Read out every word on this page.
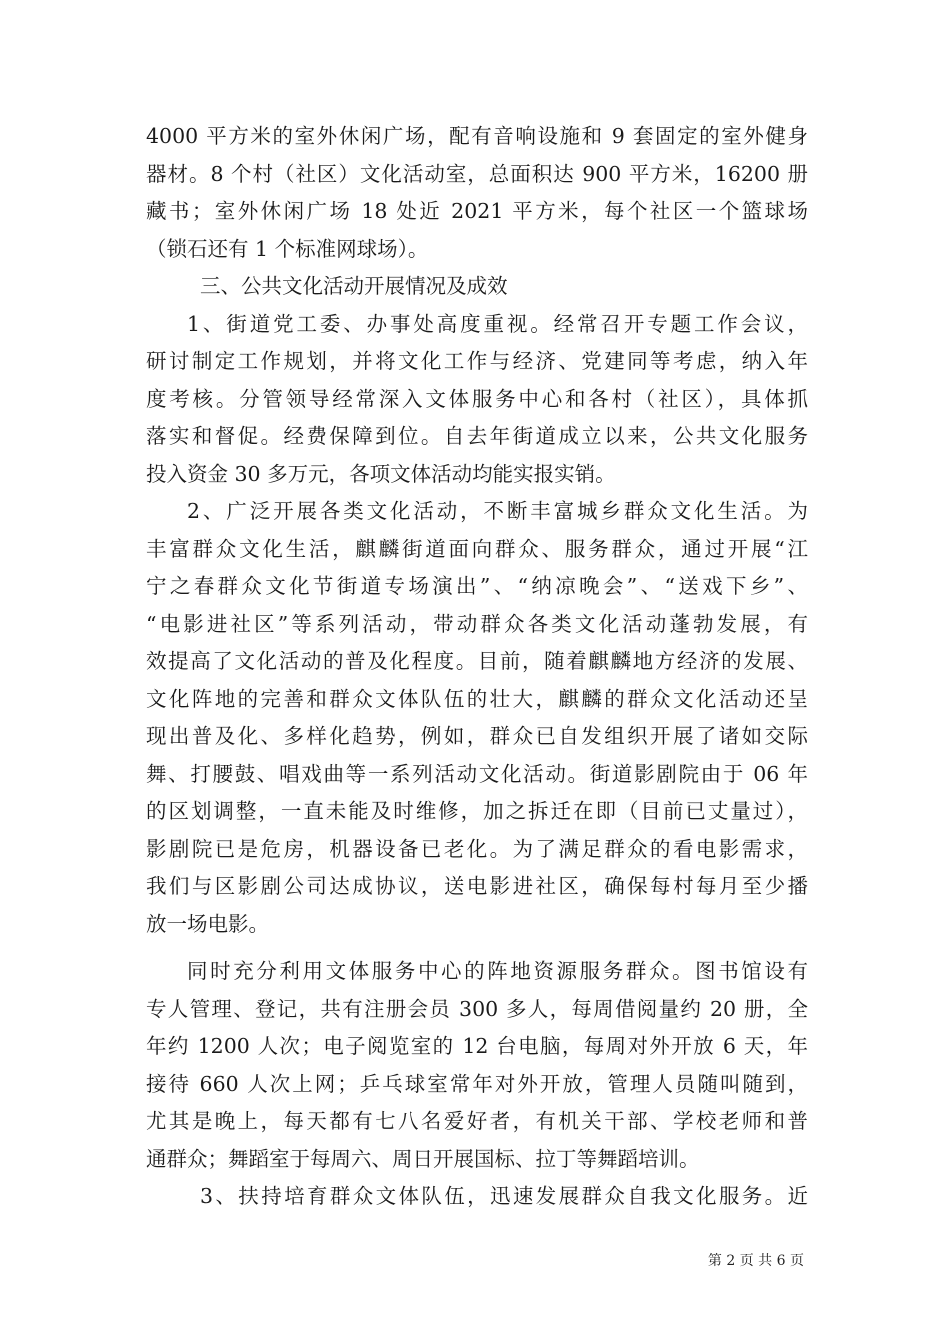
4000 平方米的室外休闲广场，配有音响设施和 9 套固定的室外健身
器材。8 个村（社区）文化活动室，总面积达 900 平方米，16200 册
藏书；室外休闲广场 18 处近 2021 平方米，每个社区一个篮球场
（锁石还有 1 个标准网球场）。
三、公共文化活动开展情况及成效
1、街道党工委、办事处高度重视。经常召开专题工作会议，
研讨制定工作规划，并将文化工作与经济、党建同等考虑，纳入年
度考核。分管领导经常深入文体服务中心和各村（社区），具体抓
落实和督促。经费保障到位。自去年街道成立以来，公共文化服务
投入资金 30 多万元，各项文体活动均能实报实销。
2、广泛开展各类文化活动，不断丰富城乡群众文化生活。为
丰富群众文化生活，麒麟街道面向群众、服务群众，通过开展“江
宁之春群众文化节街道专场演出”、“纳凉晚会”、“送戏下乡”、
“电影进社区”等系列活动，带动群众各类文化活动蓬勃发展，有
效提高了文化活动的普及化程度。目前，随着麒麟地方经济的发展、
文化阵地的完善和群众文体队伍的壮大，麒麟的群众文化活动还呈
现出普及化、多样化趋势，例如，群众已自发组织开展了诸如交际
舞、打腰鼓、唱戏曲等一系列活动文化活动。街道影剧院由于 06 年
的区划调整，一直未能及时维修，加之拆迁在即（目前已丈量过），
影剧院已是危房，机器设备已老化。为了满足群众的看电影需求，
我们与区影剧公司达成协议，送电影进社区，确保每村每月至少播
放一场电影。
同时充分利用文体服务中心的阵地资源服务群众。图书馆设有
专人管理、登记，共有注册会员 300 多人，每周借阅量约 20 册，全
年约 1200 人次；电子阅览室的 12 台电脑，每周对外开放 6 天，年
接待 660 人次上网；乒乓球室常年对外开放，管理人员随叫随到，
尤其是晚上，每天都有七八名爱好者，有机关干部、学校老师和普
通群众；舞蹈室于每周六、周日开展国标、拉丁等舞蹈培训。
3、扶持培育群众文体队伍，迅速发展群众自我文化服务。近
第 2 页 共 6 页
